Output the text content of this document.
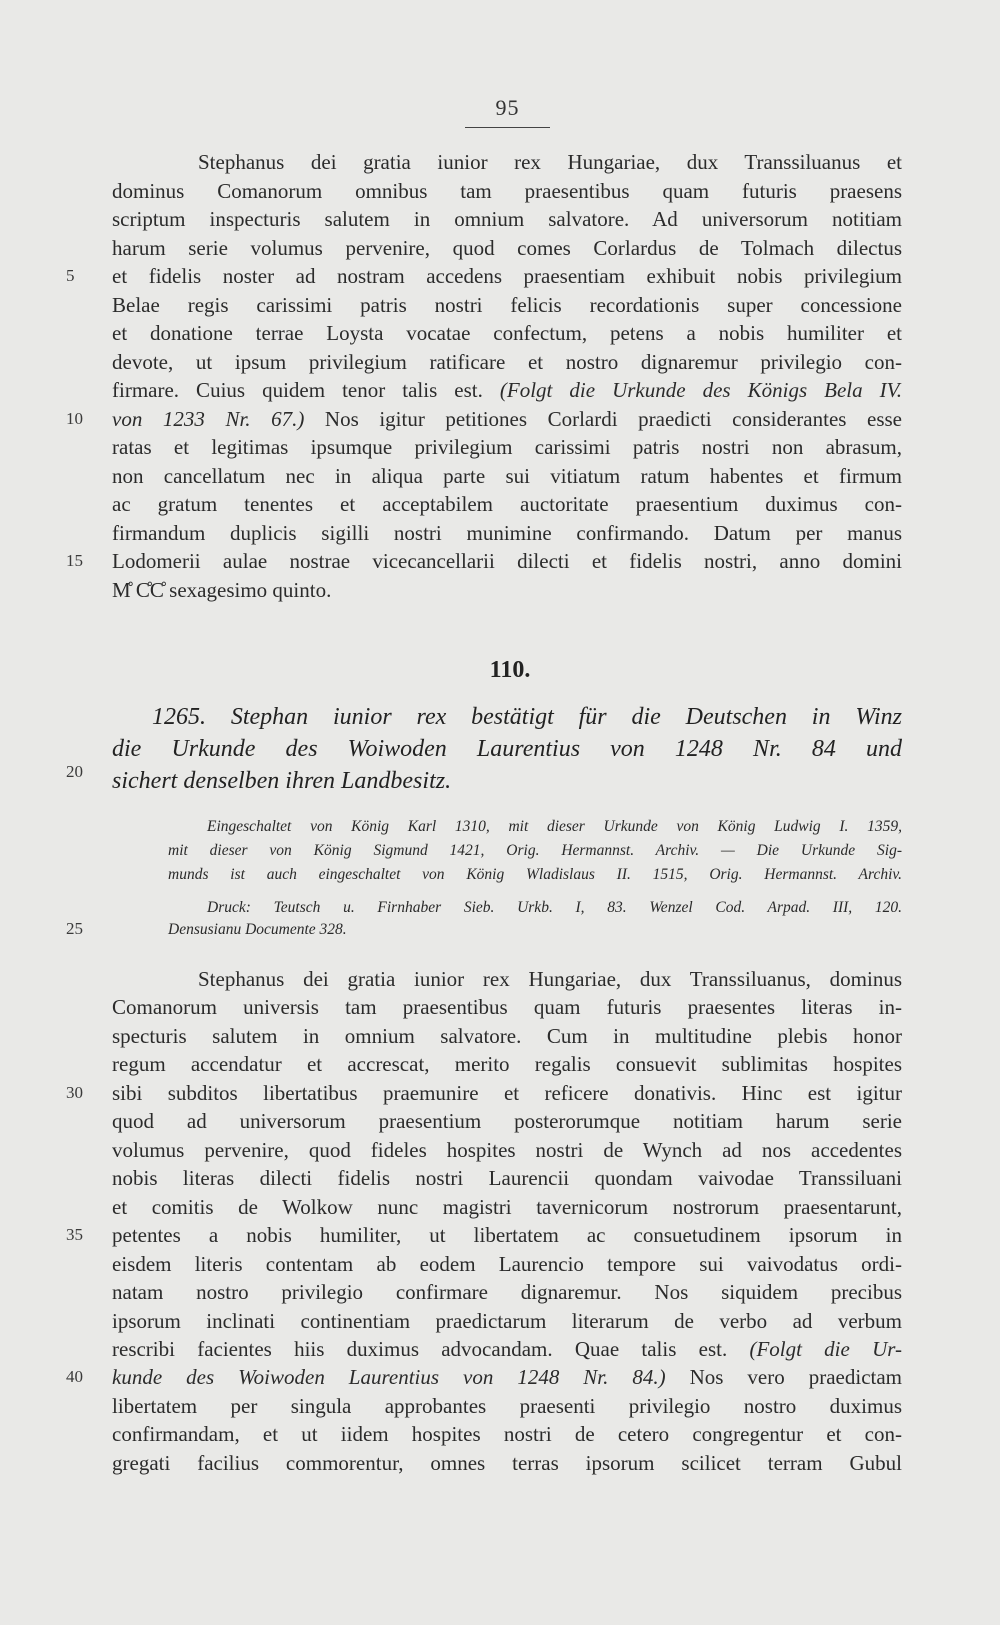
95
Stephanus dei gratia iunior rex Hungariae, dux Transsiluanus et
dominus Comanorum omnibus tam praesentibus quam futuris praesens
scriptum inspecturis salutem in omnium salvatore. Ad universorum notitiam
harum serie volumus pervenire, quod comes Corlardus de Tolmach dilectus
et fidelis noster ad nostram accedens praesentiam exhibuit nobis privilegium
Belae regis carissimi patris nostri felicis recordationis super concessione
et donatione terrae Loysta vocatae confectum, petens a nobis humiliter et
devote, ut ipsum privilegium ratificare et nostro dignaremur privilegio con-
firmare. Cuius quidem tenor talis est. (Folgt die Urkunde des Königs Bela IV.
von 1233 Nr. 67.) Nos igitur petitiones Corlardi praedicti considerantes esse
ratas et legitimas ipsumque privilegium carissimi patris nostri non abrasum,
non cancellatum nec in aliqua parte sui vitiatum ratum habentes et firmum
ac gratum tenentes et acceptabilem auctoritate praesentium duximus con-
firmandum duplicis sigilli nostri munimine confirmando. Datum per manus
Lodomerii aulae nostrae vicecancellarii dilecti et fidelis nostri, anno domini
M̊ C̊C̊ sexagesimo quinto.
5
10
15
20
25
30
35
40
110.
1265. Stephan iunior rex bestätigt für die Deutschen in Winz
die Urkunde des Woiwoden Laurentius von 1248 Nr. 84 und
sichert denselben ihren Landbesitz.
Eingeschaltet von König Karl 1310, mit dieser Urkunde von König Ludwig I. 1359,
mit dieser von König Sigmund 1421, Orig. Hermannst. Archiv. — Die Urkunde Sig-
munds ist auch eingeschaltet von König Wladislaus II. 1515, Orig. Hermannst. Archiv.
Druck: Teutsch u. Firnhaber Sieb. Urkb. I, 83. Wenzel Cod. Arpad. III, 120.
Densusianu Documente 328.
Stephanus dei gratia iunior rex Hungariae, dux Transsiluanus, dominus
Comanorum universis tam praesentibus quam futuris praesentes literas in-
specturis salutem in omnium salvatore. Cum in multitudine plebis honor
regum accendatur et accrescat, merito regalis consuevit sublimitas hospites
sibi subditos libertatibus praemunire et reficere donativis. Hinc est igitur
quod ad universorum praesentium posterorumque notitiam harum serie
volumus pervenire, quod fideles hospites nostri de Wynch ad nos accedentes
nobis literas dilecti fidelis nostri Laurencii quondam vaivodae Transsiluani
et comitis de Wolkow nunc magistri tavernicorum nostrorum praesentarunt,
petentes a nobis humiliter, ut libertatem ac consuetudinem ipsorum in
eisdem literis contentam ab eodem Laurencio tempore sui vaivodatus ordi-
natam nostro privilegio confirmare dignaremur. Nos siquidem precibus
ipsorum inclinati continentiam praedictarum literarum de verbo ad verbum
rescribi facientes hiis duximus advocandam. Quae talis est. (Folgt die Ur-
kunde des Woiwoden Laurentius von 1248 Nr. 84.) Nos vero praedictam
libertatem per singula approbantes praesenti privilegio nostro duximus
confirmandam, et ut iidem hospites nostri de cetero congregentur et con-
gregati facilius commorentur, omnes terras ipsorum scilicet terram Gubul
